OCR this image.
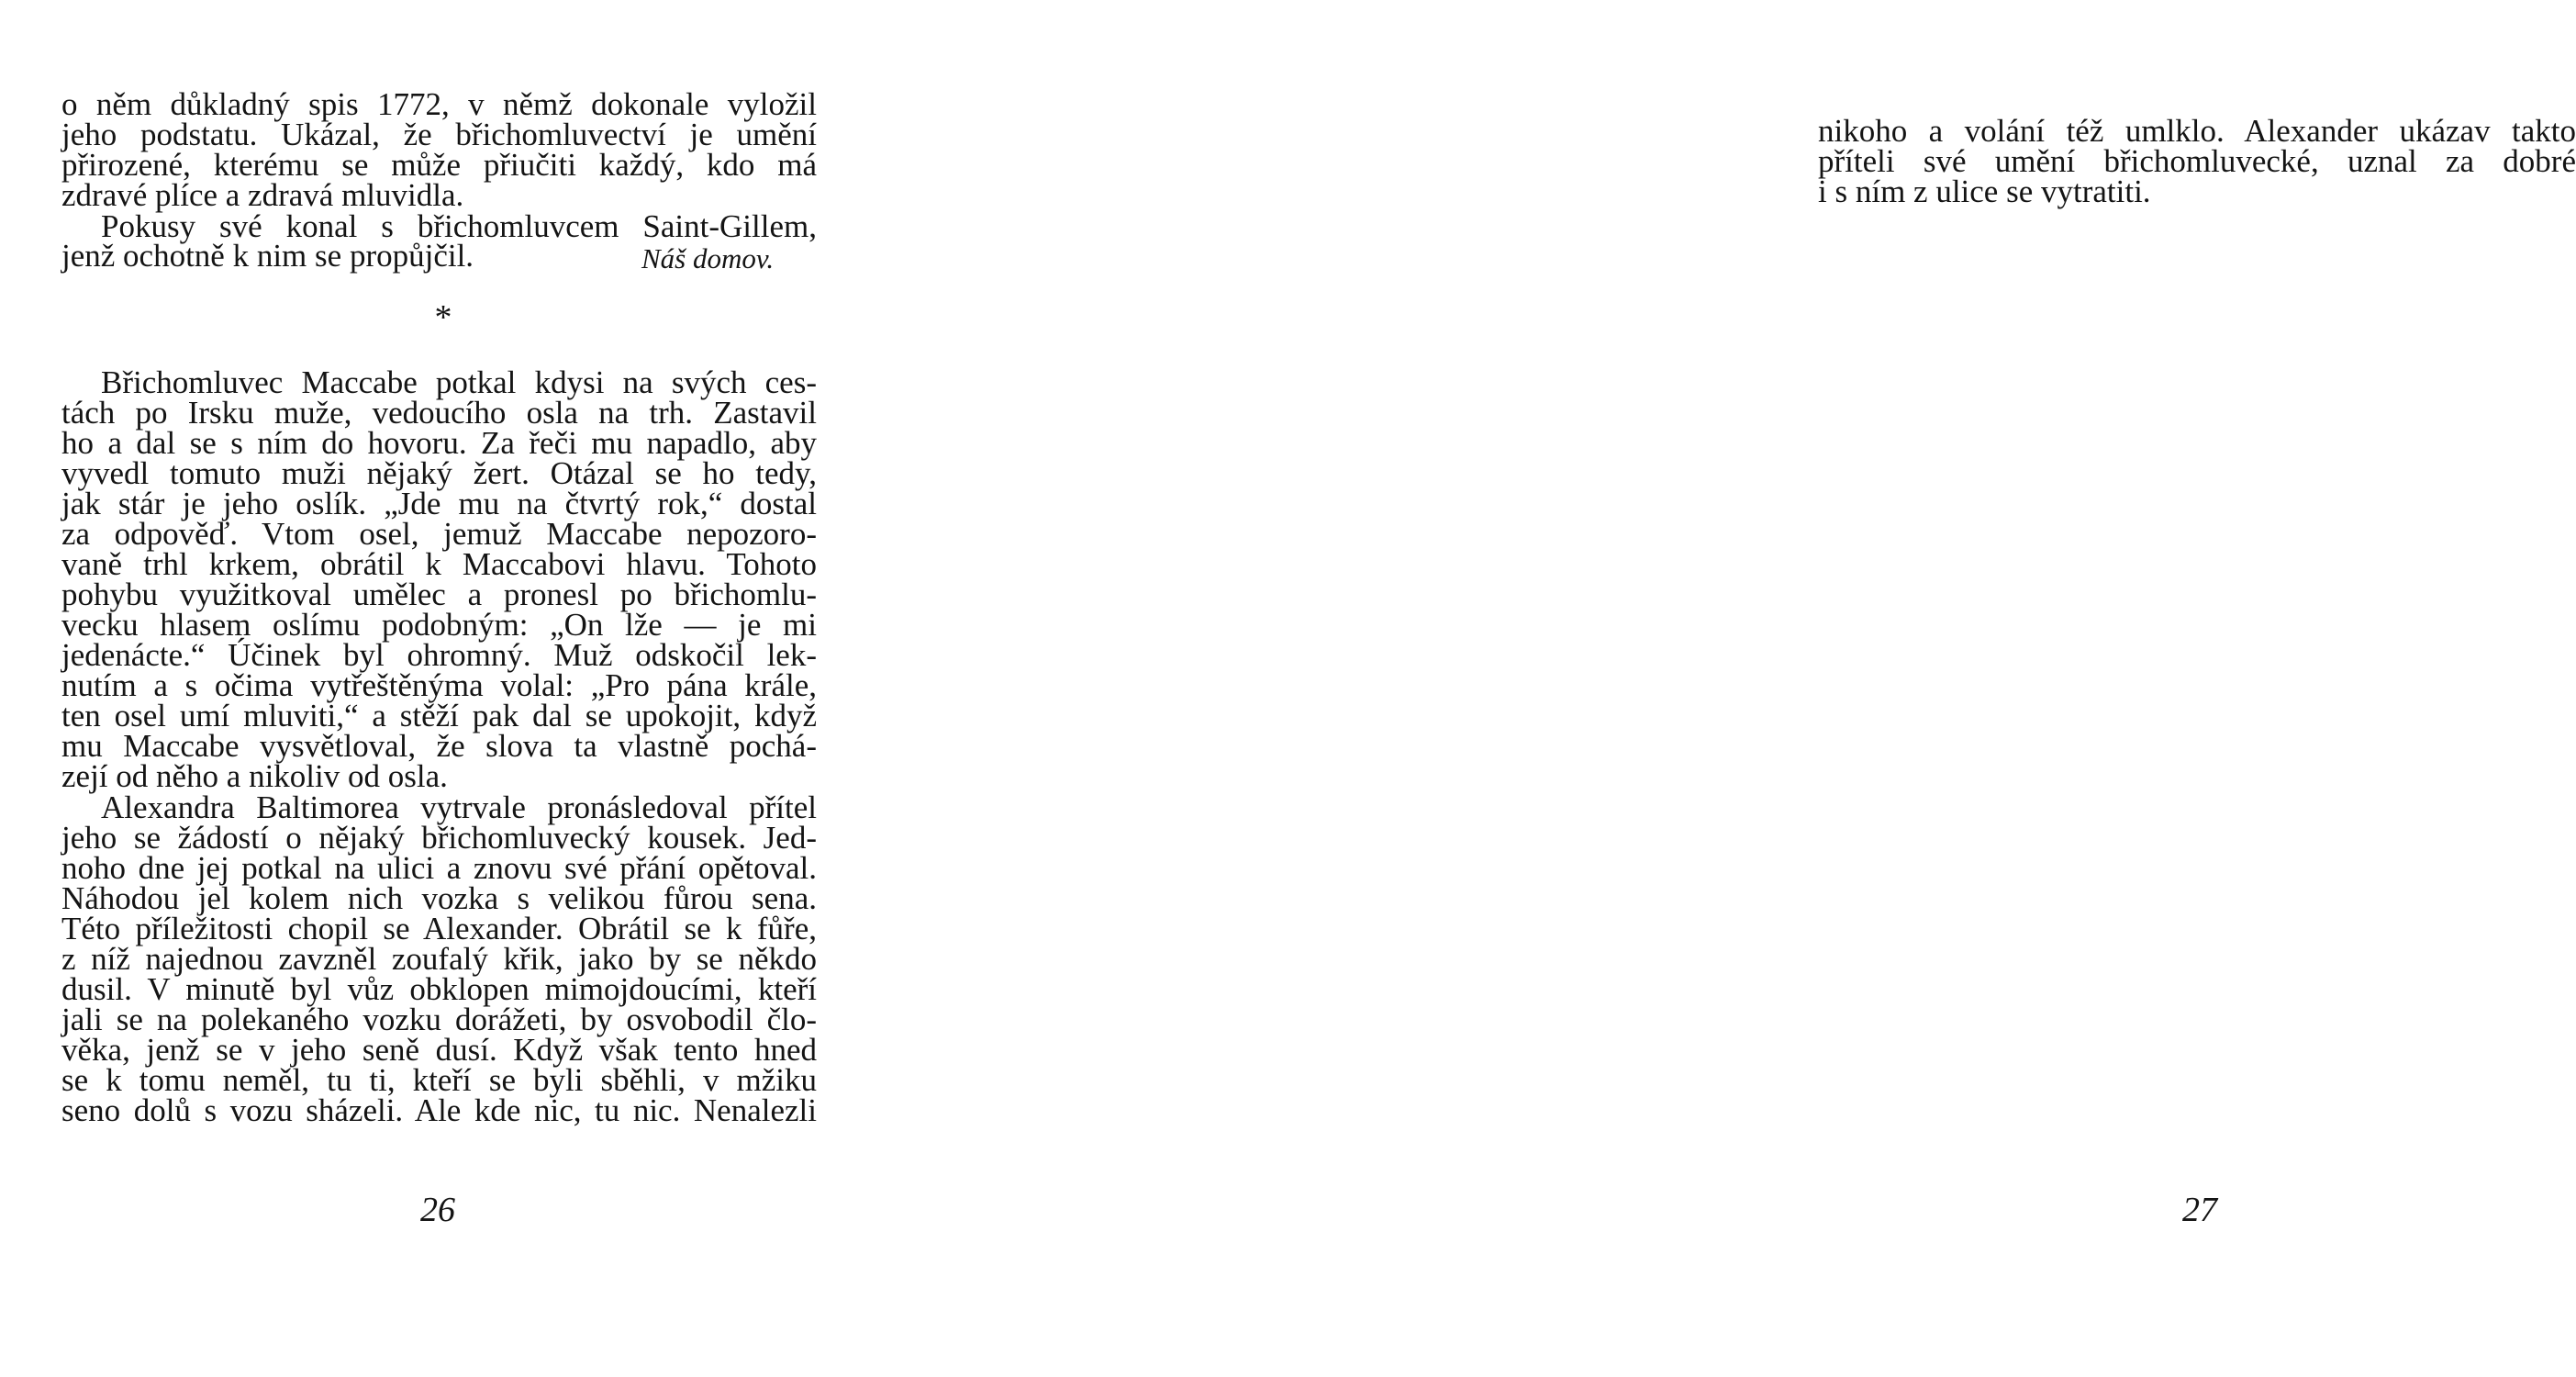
o něm důkladný spis 1772, v němž dokonale vyložil
jeho podstatu. Ukázal, že břichomluvectví je umění
přirozené, kterému se může přiučiti každý, kdo má
zdravé plíce a zdravá mluvidla.
Pokusy své konal s břichomluvcem Saint-Gillem,
jenž ochotně k nim se propůjčil.	Náš domov.
*
Břichomluvec Maccabe potkal kdysi na svých ces-
tách po Irsku muže, vedoucího osla na trh. Zastavil
ho a dal se s ním do hovoru. Za řeči mu napadlo, aby
vyvedl tomuto muži nějaký žert. Otázal se ho tedy,
jak stár je jeho oslík. „Jde mu na čtvrtý rok,“ dostal
za odpověď. Vtom osel, jemuž Maccabe nepozoro-
vaně trhl krkem, obrátil k Maccabovi hlavu. Tohoto
pohybu využitkoval umělec a pronesl po břichomlu-
vecku hlasem oslímu podobným: „On lže — je mi
jedenácte.“ Účinek byl ohromný. Muž odskočil lek-
nutím a s očima vytřeštěnýma volal: „Pro pána krále,
ten osel umí mluviti,“ a stěží pak dal se upokojit, když
mu Maccabe vysvětloval, že slova ta vlastně pochá-
zejí od něho a nikoliv od osla.
Alexandra Baltimorea vytrvale pronásledoval přítel
jeho se žádostí o nějaký břichomluvecký kousek. Jed-
noho dne jej potkal na ulici a znovu své přání opětoval.
Náhodou jel kolem nich vozka s velikou fůrou sena.
Této příležitosti chopil se Alexander. Obrátil se k fůře,
z níž najednou zavzněl zoufalý křik, jako by se někdo
dusil. V minutě byl vůz obklopen mimojdoucími, kteří
jali se na polekaného vozku dorážeti, by osvobodil člo-
věka, jenž se v jeho seně dusí. Když však tento hned
se k tomu neměl, tu ti, kteří se byli sběhli, v mžiku
seno dolů s vozu sházeli. Ale kde nic, tu nic. Nenalezli
26
nikoho a volání též umlklo. Alexander ukázav takto
příteli své umění břichomluvecké, uznal za dobré
i s ním z ulice se vytratiti.
27
